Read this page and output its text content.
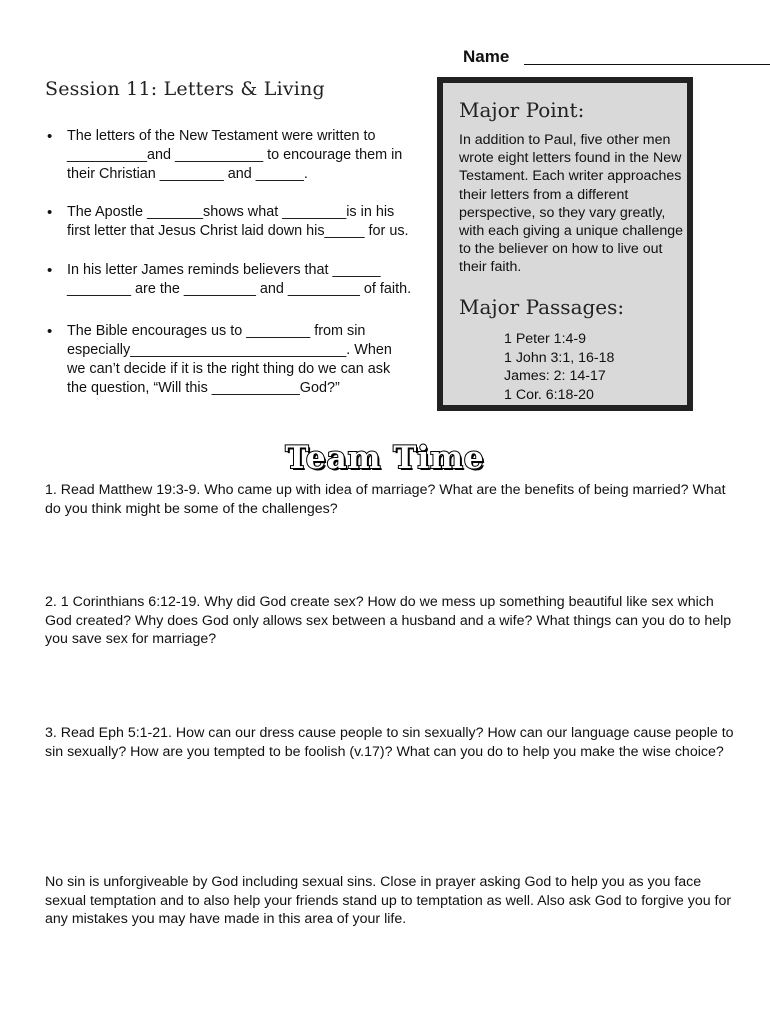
Name
Session 11: Letters & Living
• The letters of the New Testament were written to
__________and ___________ to encourage them in
their Christian ________ and ______.
• The Apostle _______shows what ________is in his
first letter that Jesus Christ laid down his_____ for us.
• In his letter James reminds believers that ______
________ are the _________ and _________ of faith.
• The Bible encourages us to ________ from sin
especially___________________________. When
we can’t decide if it is the right thing do we can ask
the question, “Will this ___________God?”
Major Point:
In addition to Paul, five other men wrote eight letters found in the New Testament. Each writer approaches their letters from a different perspective, so they vary greatly, with each giving a unique challenge to the believer on how to live out their faith.
Major Passages:
1 Peter 1:4-9
1 John 3:1, 16-18
James: 2: 14-17
1 Cor. 6:18-20
Team Time
1. Read Matthew 19:3-9. Who came up with idea of marriage? What are the benefits of being married? What do you think might be some of the challenges?
2. 1 Corinthians 6:12-19. Why did God create sex? How do we mess up something beautiful like sex which God created? Why does God only allows sex between a husband and a wife? What things can you do to help you save sex for marriage?
3. Read Eph 5:1-21. How can our dress cause people to sin sexually? How can our language cause people to sin sexually? How are you tempted to be foolish (v.17)? What can you do to help you make the wise choice?
No sin is unforgiveable by God including sexual sins. Close in prayer asking God to help you as you face sexual temptation and to also help your friends stand up to temptation as well. Also ask God to forgive you for any mistakes you may have made in this area of your life.
